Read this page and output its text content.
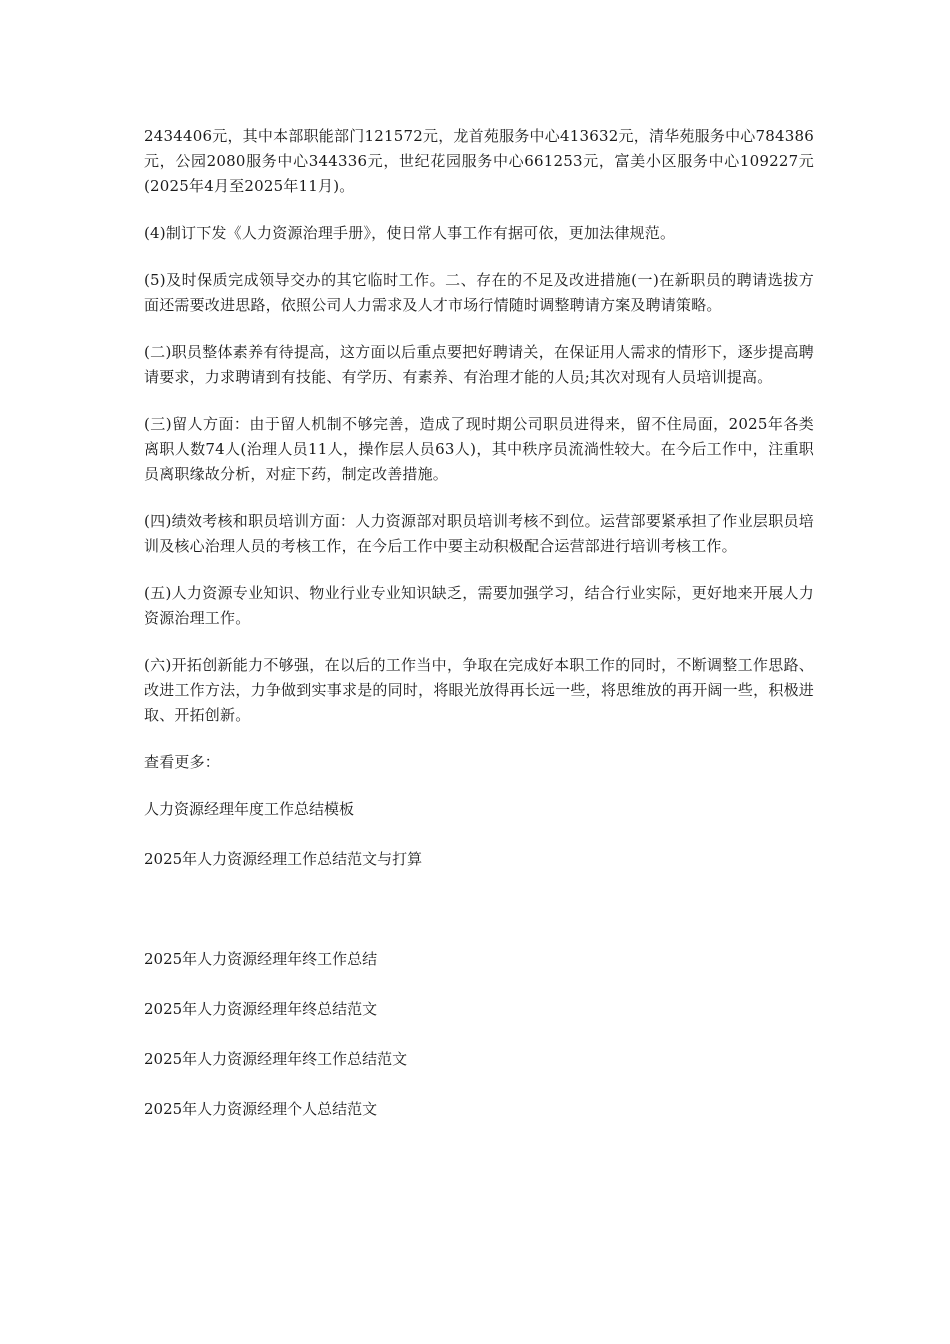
2434406元，其中本部职能部门121572元，龙首苑服务中心413632元，清华苑服务中心784386元，公园2080服务中心344336元，世纪花园服务中心661253元，富美小区服务中心109227元(2025年4月至2025年11月)。

(4)制订下发《人力资源治理手册》，使日常人事工作有据可依，更加法律规范。

(5)及时保质完成领导交办的其它临时工作。二、存在的不足及改进措施(一)在新职员的聘请选拔方面还需要改进思路，依照公司人力需求及人才市场行情随时调整聘请方案及聘请策略。

(二)职员整体素养有待提高，这方面以后重点要把好聘请关，在保证用人需求的情形下，逐步提高聘请要求，力求聘请到有技能、有学历、有素养、有治理才能的人员;其次对现有人员培训提高。

(三)留人方面：由于留人机制不够完善，造成了现时期公司职员进得来，留不住局面，2025年各类离职人数74人(治理人员11人，操作层人员63人)，其中秩序员流淌性较大。在今后工作中，注重职员离职缘故分析，对症下药，制定改善措施。

(四)绩效考核和职员培训方面：人力资源部对职员培训考核不到位。运营部要紧承担了作业层职员培训及核心治理人员的考核工作，在今后工作中要主动积极配合运营部进行培训考核工作。

(五)人力资源专业知识、物业行业专业知识缺乏，需要加强学习，结合行业实际，更好地来开展人力资源治理工作。

(六)开拓创新能力不够强，在以后的工作当中，争取在完成好本职工作的同时，不断调整工作思路、改进工作方法，力争做到实事求是的同时，将眼光放得再长远一些，将思维放的再开阔一些，积极进取、开拓创新。

查看更多：

人力资源经理年度工作总结模板
2025年人力资源经理工作总结范文与打算
2025年人力资源经理年终工作总结
2025年人力资源经理年终总结范文
2025年人力资源经理年终工作总结范文
2025年人力资源经理个人总结范文
